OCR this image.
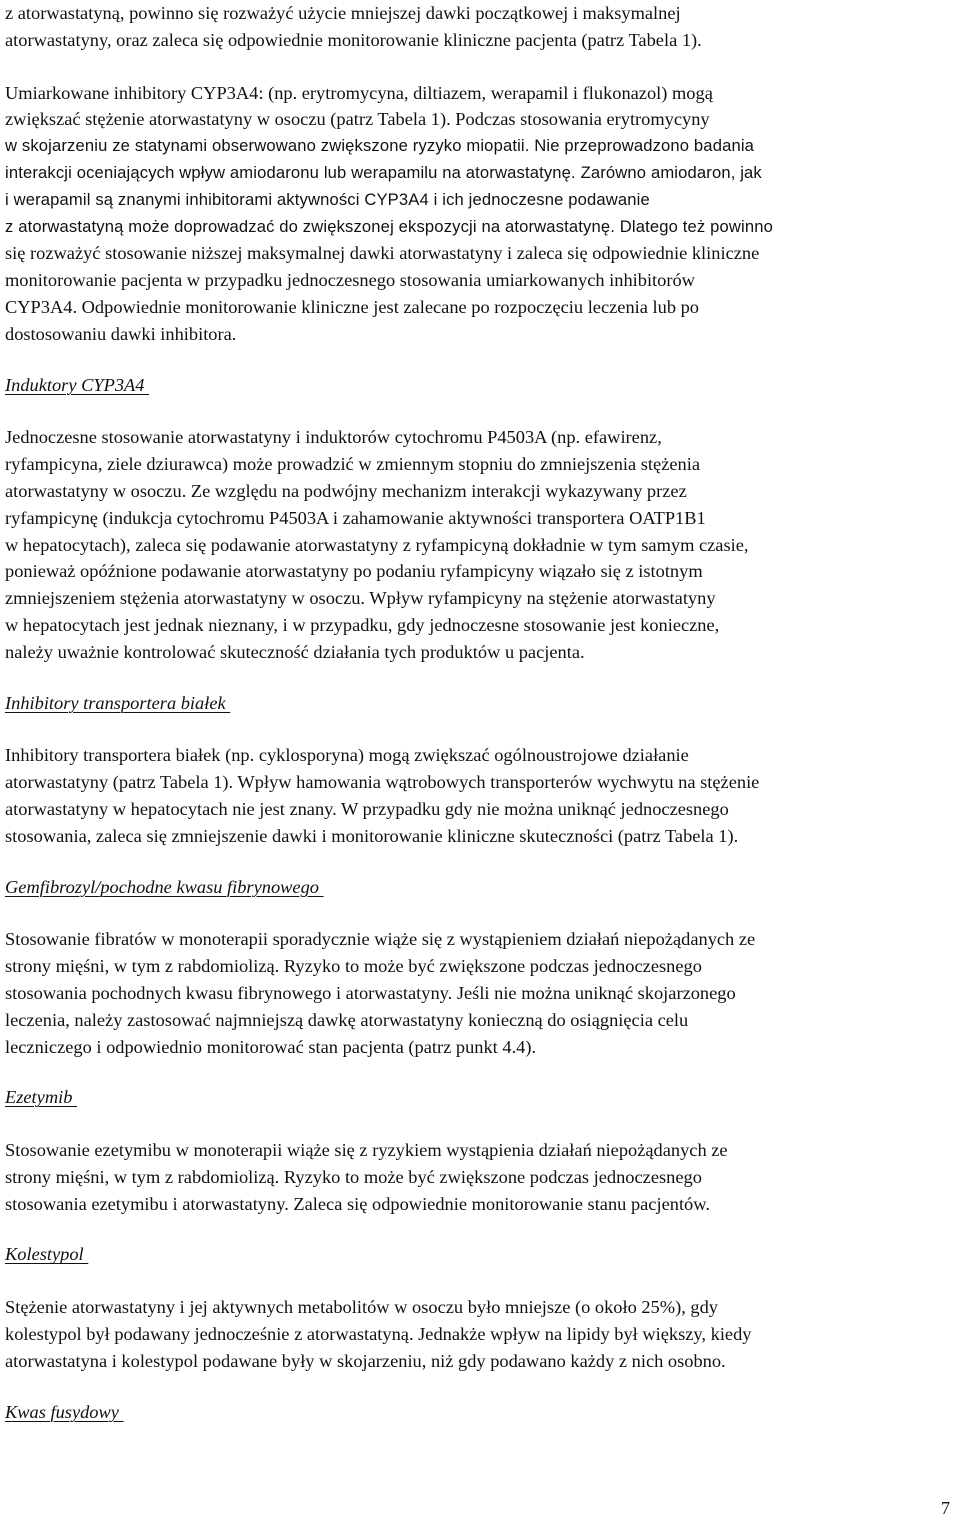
z atorwastatyną, powinno się rozważyć użycie mniejszej dawki początkowej i maksymalnej
atorwastatyny, oraz zaleca się odpowiednie monitorowanie kliniczne pacjenta (patrz Tabela 1).

Umiarkowane inhibitory CYP3A4: (np. erytromycyna, diltiazem, werapamil i flukonazol) mogą
zwiększać stężenie atorwastatyny w osoczu (patrz Tabela 1). Podczas stosowania erytromycyny
w skojarzeniu ze statynami obserwowano zwiększone ryzyko miopatii. Nie przeprowadzono badania
interakcji oceniających wpływ amiodaronu lub werapamilu na atorwastatynę. Zarówno amiodaron, jak
i werapamil są znanymi inhibitorami aktywności CYP3A4 i ich jednoczesne podawanie
z atorwastatyną może doprowadzać do zwiększonej ekspozycji na atorwastatynę. Dlatego też powinno
się rozważyć stosowanie niższej maksymalnej dawki atorwastatyny i zaleca się odpowiednie kliniczne
monitorowanie pacjenta w przypadku jednoczesnego stosowania umiarkowanych inhibitorów
CYP3A4. Odpowiednie monitorowanie kliniczne jest zalecane po rozpoczęciu leczenia lub po
dostosowaniu dawki inhibitora.

Induktory CYP3A4

Jednoczesne stosowanie atorwastatyny i induktorów cytochromu P4503A (np. efawirenz,
ryfampicyna, ziele dziurawca) może prowadzić w zmiennym stopniu do zmniejszenia stężenia
atorwastatyny w osoczu. Ze względu na podwójny mechanizm interakcji wykazywany przez
ryfampicynę (indukcja cytochromu P4503A i zahamowanie aktywności transportera OATP1B1
w hepatocytach), zaleca się podawanie atorwastatyny z ryfampicyną dokładnie w tym samym czasie,
ponieważ opóźnione podawanie atorwastatyny po podaniu ryfampicyny wiązało się z istotnym
zmniejszeniem stężenia atorwastatyny w osoczu. Wpływ ryfampicyny na stężenie atorwastatyny
w hepatocytach jest jednak nieznany, i w przypadku, gdy jednoczesne stosowanie jest konieczne,
należy uważnie kontrolować skuteczność działania tych produktów u pacjenta.

Inhibitory transportera białek

Inhibitory transportera białek (np. cyklosporyna) mogą zwiększać ogólnoustrojowe działanie
atorwastatyny (patrz Tabela 1). Wpływ hamowania wątrobowych transporterów wychwytu na stężenie
atorwastatyny w hepatocytach nie jest znany. W przypadku gdy nie można uniknąć jednoczesnego
stosowania, zaleca się zmniejszenie dawki i monitorowanie kliniczne skuteczności (patrz Tabela 1).

Gemfibrozyl/pochodne kwasu fibrynowego

Stosowanie fibratów w monoterapii sporadycznie wiąże się z wystąpieniem działań niepożądanych ze
strony mięśni, w tym z rabdomiolizą. Ryzyko to może być zwiększone podczas jednoczesnego
stosowania pochodnych kwasu fibrynowego i atorwastatyny. Jeśli nie można uniknąć skojarzonego
leczenia, należy zastosować najmniejszą dawkę atorwastatyny konieczną do osiągnięcia celu
leczniczego i odpowiednio monitorować stan pacjenta (patrz punkt 4.4).

Ezetymib

Stosowanie ezetymibu w monoterapii wiąże się z ryzykiem wystąpienia działań niepożądanych ze
strony mięśni, w tym z rabdomiolizą. Ryzyko to może być zwiększone podczas jednoczesnego
stosowania ezetymibu i atorwastatyny. Zaleca się odpowiednie monitorowanie stanu pacjentów.

Kolestypol

Stężenie atorwastatyny i jej aktywnych metabolitów w osoczu było mniejsze (o około 25%), gdy
kolestypol był podawany jednocześnie z atorwastatyną. Jednakże wpływ na lipidy był większy, kiedy
atorwastatyna i kolestypol podawane były w skojarzeniu, niż gdy podawano każdy z nich osobno.

Kwas fusydowy

7
